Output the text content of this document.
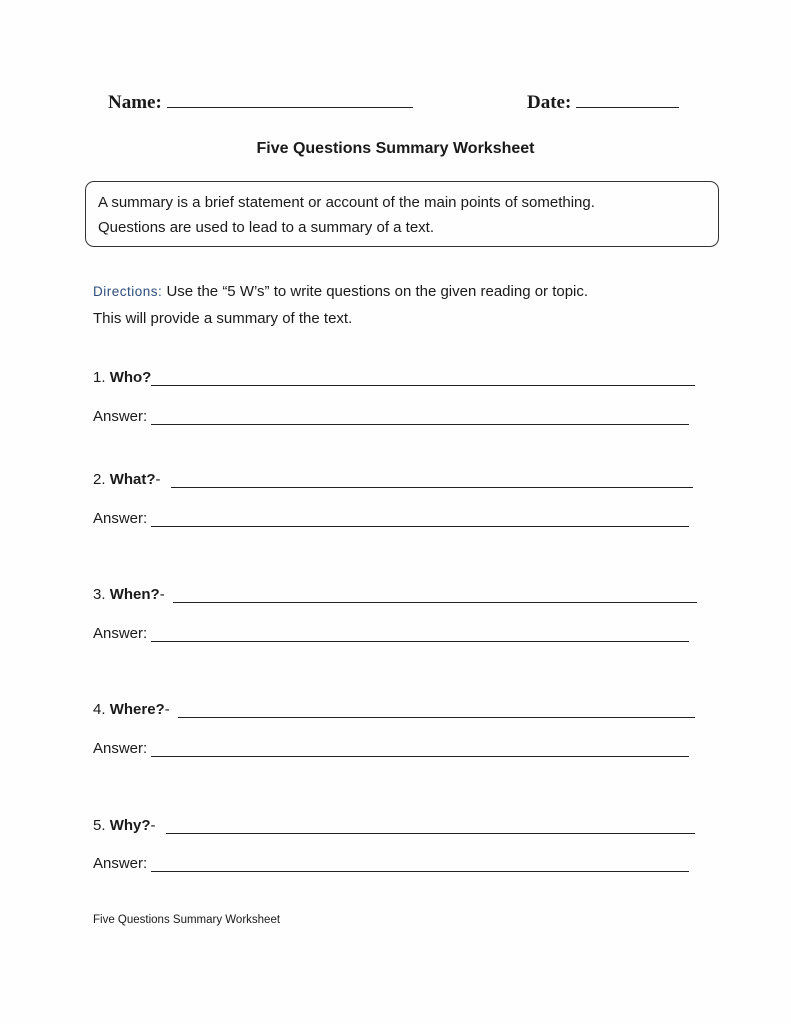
Name:	Date:
Five Questions Summary Worksheet
A summary is a brief statement or account of the main points of something.
Questions are used to lead to a summary of a text.
Directions: Use the “5 W’s” to write questions on the given reading or topic.
This will provide a summary of the text.
1.
Who?
Answer:
2.
What? -
Answer:
3.
When? -
Answer:
4.
Where? -
Answer:
5.
Why? -
Answer:
Five Questions Summary Worksheet
